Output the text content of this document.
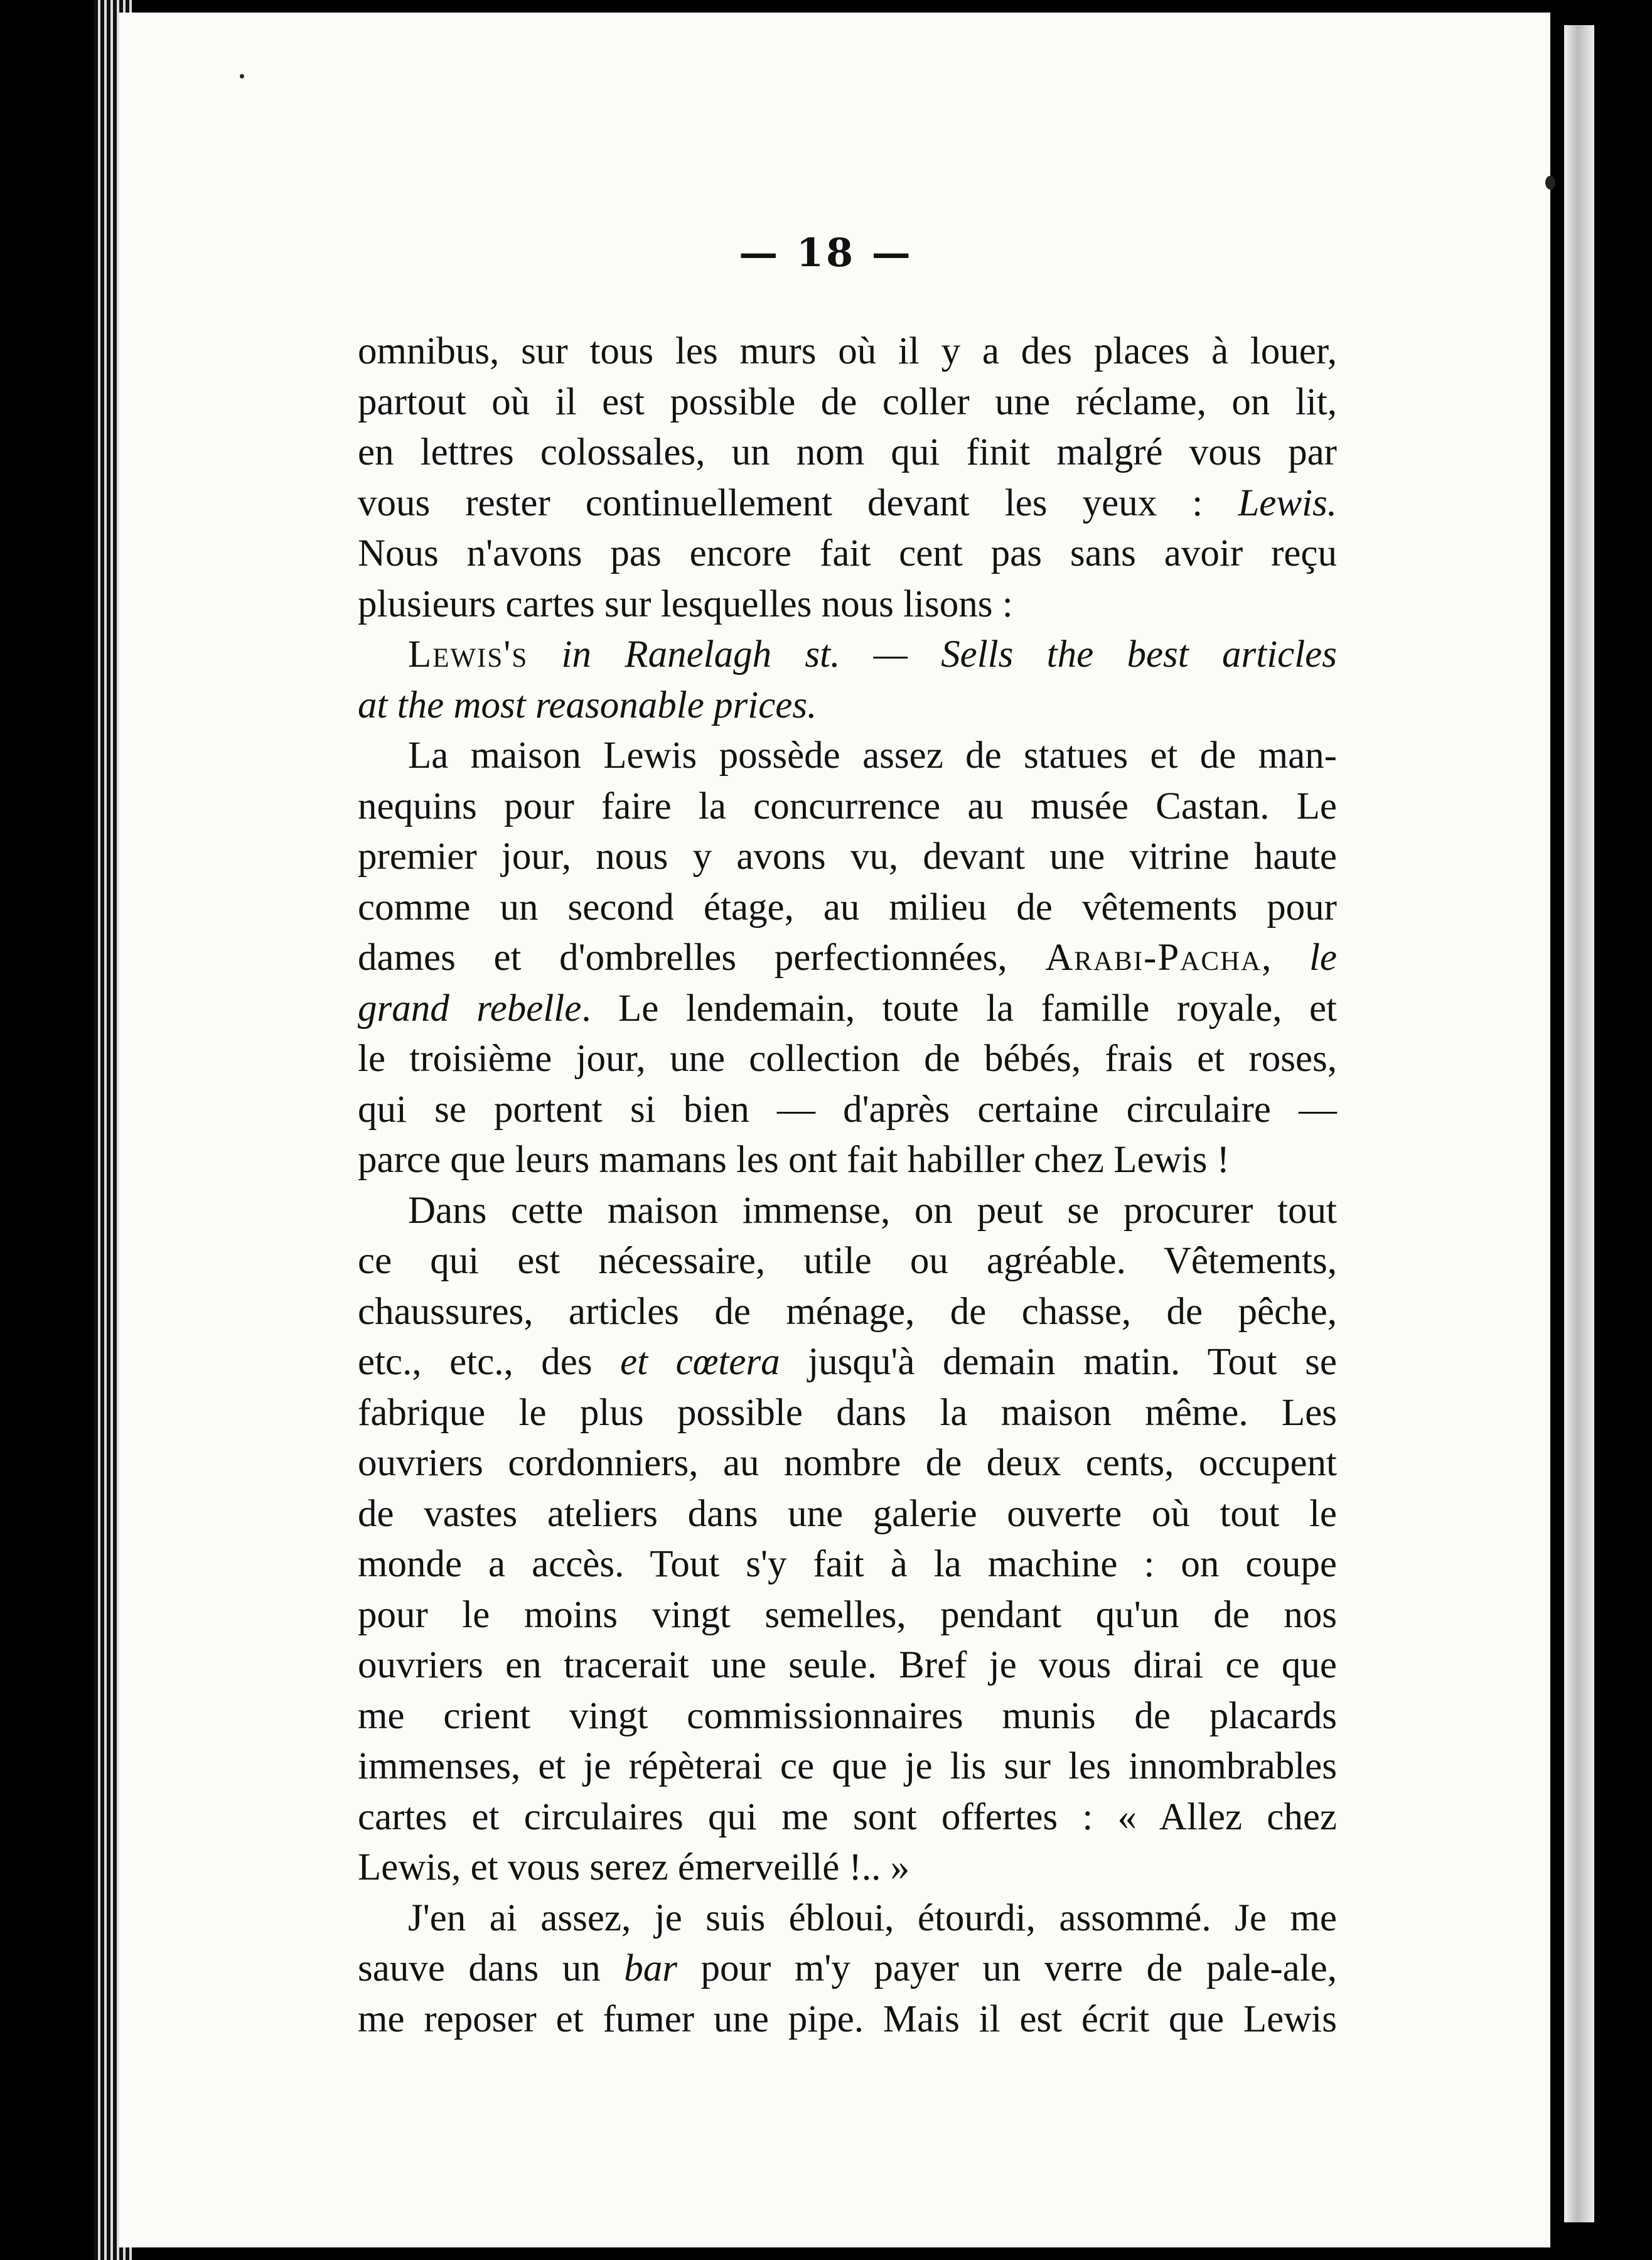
— 18 —
omnibus, sur tous les murs où il y a des places à louer,
partout où il est possible de coller une réclame, on lit,
en lettres colossales, un nom qui finit malgré vous par
vous rester continuellement devant les yeux : Lewis.
Nous n'avons pas encore fait cent pas sans avoir reçu
plusieurs cartes sur lesquelles nous lisons :
Lewis's in Ranelagh st. — Sells the best articles
at the most reasonable prices.
La maison Lewis possède assez de statues et de man-
nequins pour faire la concurrence au musée Castan. Le
premier jour, nous y avons vu, devant une vitrine haute
comme un second étage, au milieu de vêtements pour
dames et d'ombrelles perfectionnées, Arabi-Pacha, le
grand rebelle. Le lendemain, toute la famille royale, et
le troisième jour, une collection de bébés, frais et roses,
qui se portent si bien — d'après certaine circulaire —
parce que leurs mamans les ont fait habiller chez Lewis !
Dans cette maison immense, on peut se procurer tout
ce qui est nécessaire, utile ou agréable. Vêtements,
chaussures, articles de ménage, de chasse, de pêche,
etc., etc., des et cœtera jusqu'à demain matin. Tout se
fabrique le plus possible dans la maison même. Les
ouvriers cordonniers, au nombre de deux cents, occupent
de vastes ateliers dans une galerie ouverte où tout le
monde a accès. Tout s'y fait à la machine : on coupe
pour le moins vingt semelles, pendant qu'un de nos
ouvriers en tracerait une seule. Bref je vous dirai ce que
me crient vingt commissionnaires munis de placards
immenses, et je répèterai ce que je lis sur les innombrables
cartes et circulaires qui me sont offertes : « Allez chez
Lewis, et vous serez émerveillé !.. »
J'en ai assez, je suis ébloui, étourdi, assommé. Je me
sauve dans un bar pour m'y payer un verre de pale-ale,
me reposer et fumer une pipe. Mais il est écrit que Lewis
